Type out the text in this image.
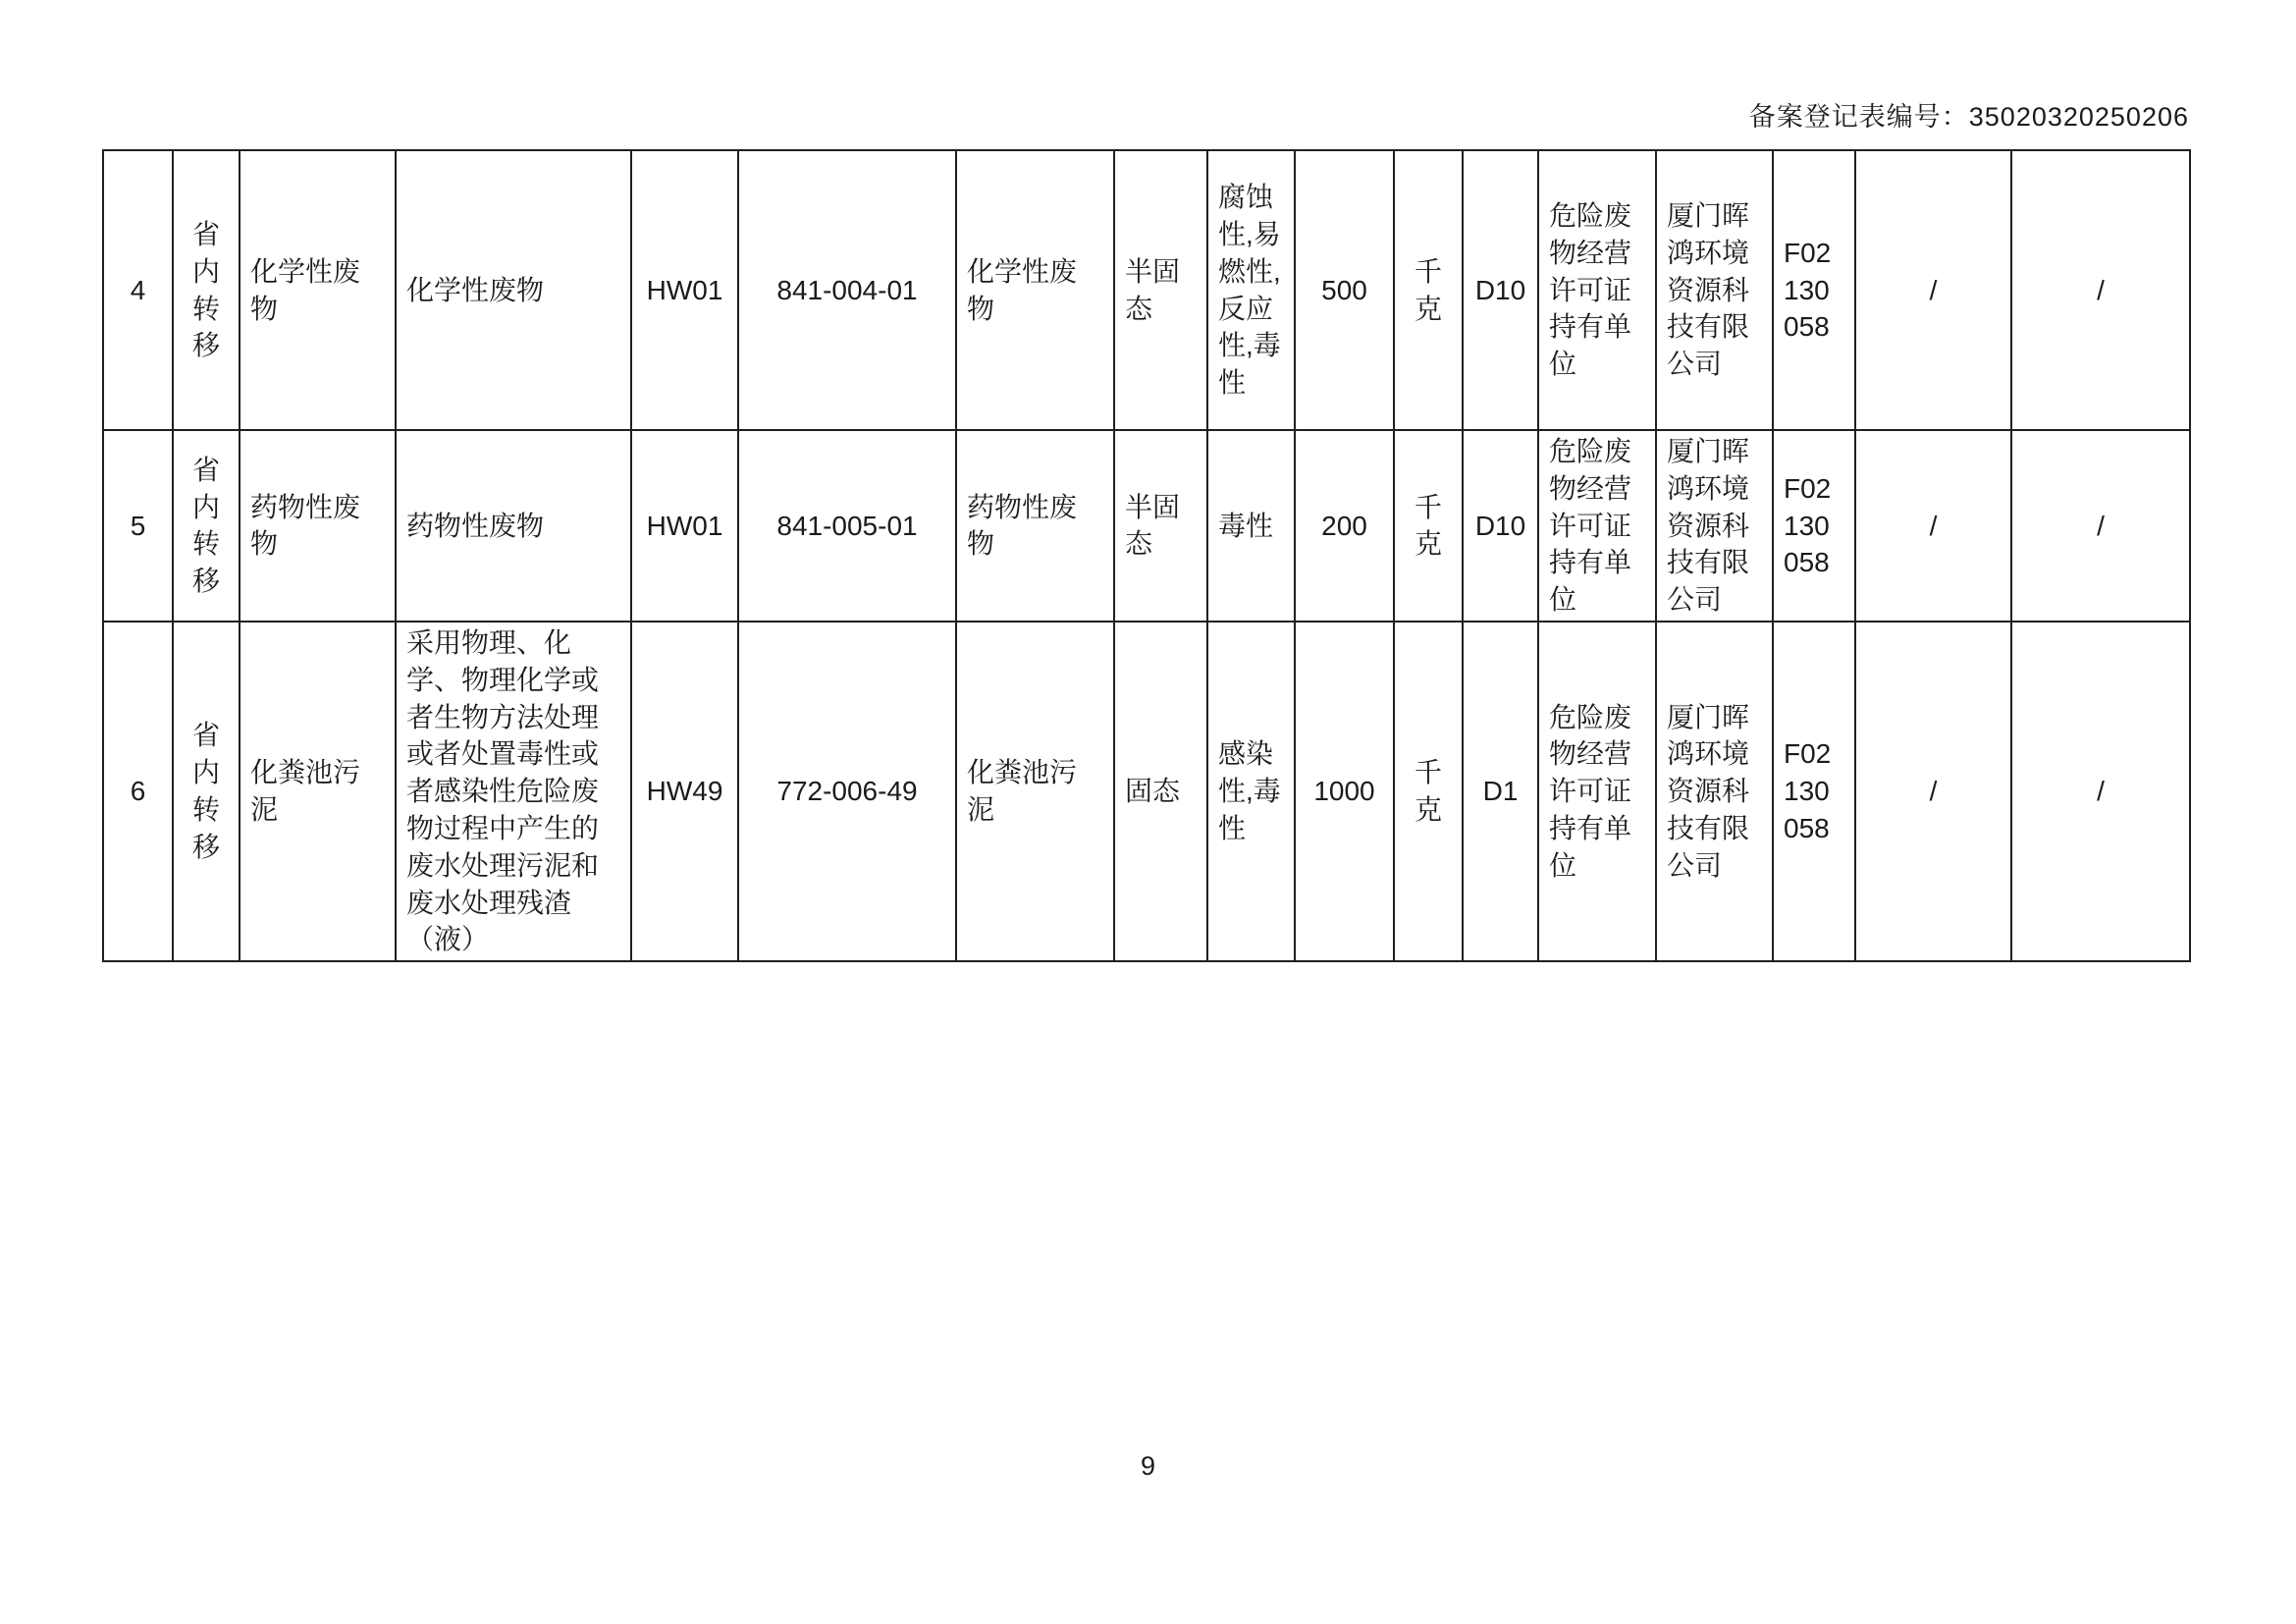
备案登记表编号：35020320250206
4	省内转移	化学性废物	化学性废物	HW01	841-004-01	化学性废物	半固态	腐蚀性,易燃性,反应性,毒性	500	千克	D10	危险废物经营许可证持有单位	厦门晖鸿环境资源科技有限公司	F02130058	/	/
5	省内转移	药物性废物	药物性废物	HW01	841-005-01	药物性废物	半固态	毒性	200	千克	D10	危险废物经营许可证持有单位	厦门晖鸿环境资源科技有限公司	F02130058	/	/
6	省内转移	化粪池污泥	采用物理、化学、物理化学或者生物方法处理或者处置毒性或者感染性危险废物过程中产生的废水处理污泥和废水处理残渣（液）	HW49	772-006-49	化粪池污泥	固态	感染性,毒性	1000	千克	D1	危险废物经营许可证持有单位	厦门晖鸿环境资源科技有限公司	F02130058	/	/
9
